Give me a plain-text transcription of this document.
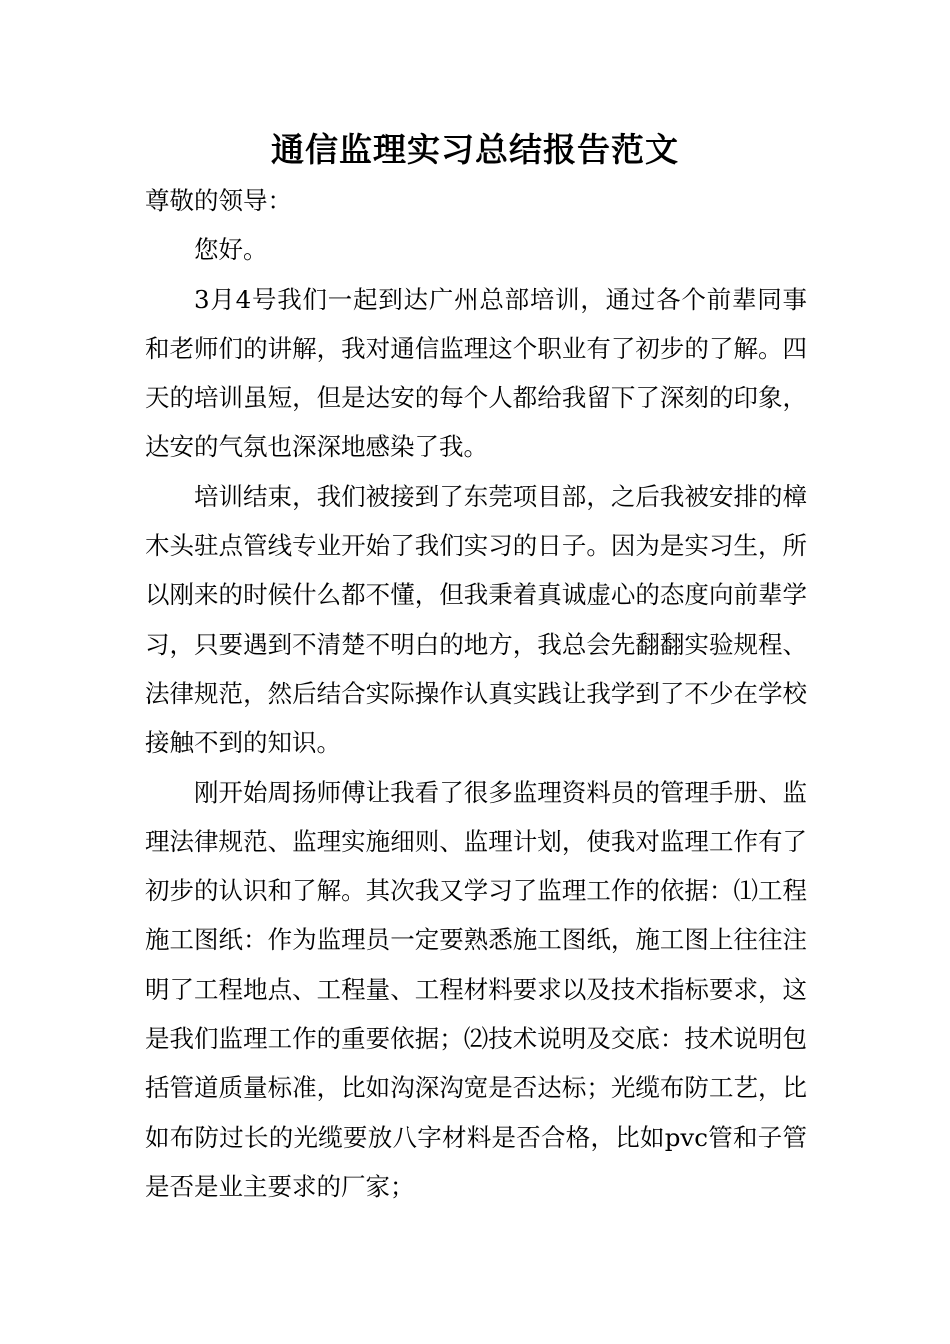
通信监理实习总结报告范文

尊敬的领导：

您好。

3月4号我们一起到达广州总部培训，通过各个前辈同事和老师们的讲解，我对通信监理这个职业有了初步的了解。四天的培训虽短，但是达安的每个人都给我留下了深刻的印象，达安的气氛也深深地感染了我。

培训结束，我们被接到了东莞项目部，之后我被安排的樟木头驻点管线专业开始了我们实习的日子。因为是实习生，所以刚来的时候什么都不懂，但我秉着真诚虚心的态度向前辈学习，只要遇到不清楚不明白的地方，我总会先翻翻实验规程、法律规范，然后结合实际操作认真实践让我学到了不少在学校接触不到的知识。

刚开始周扬师傅让我看了很多监理资料员的管理手册、监理法律规范、监理实施细则、监理计划，使我对监理工作有了初步的认识和了解。其次我又学习了监理工作的依据：⑴工程施工图纸：作为监理员一定要熟悉施工图纸，施工图上往往注明了工程地点、工程量、工程材料要求以及技术指标要求，这是我们监理工作的重要依据；⑵技术说明及交底：技术说明包括管道质量标准，比如沟深沟宽是否达标；光缆布防工艺，比如布防过长的光缆要放八字材料是否合格，比如pvc管和子管是否是业主要求的厂家；
